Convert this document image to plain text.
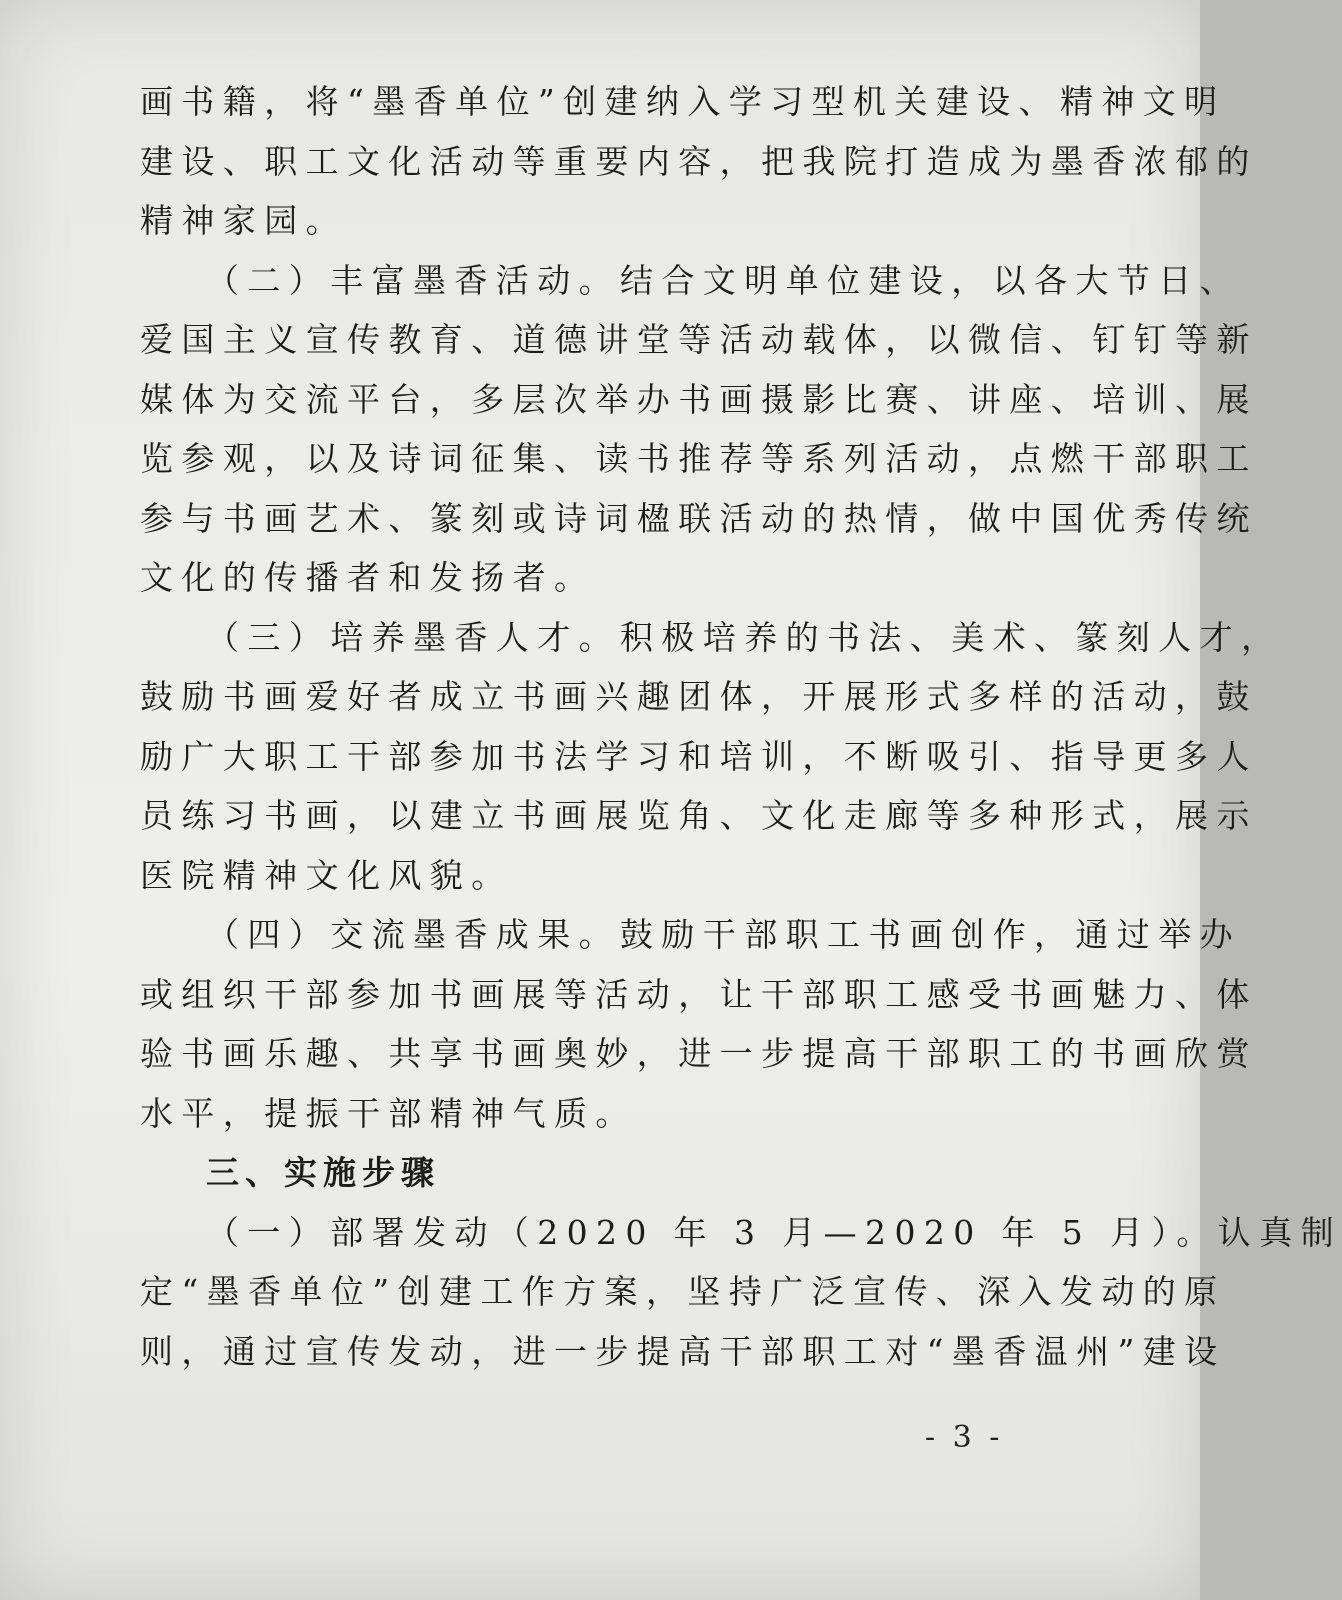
画书籍，将“墨香单位”创建纳入学习型机关建设、精神文明
建设、职工文化活动等重要内容，把我院打造成为墨香浓郁的
精神家园。
（二）丰富墨香活动。结合文明单位建设，以各大节日、
爱国主义宣传教育、道德讲堂等活动载体，以微信、钉钉等新
媒体为交流平台，多层次举办书画摄影比赛、讲座、培训、展
览参观，以及诗词征集、读书推荐等系列活动，点燃干部职工
参与书画艺术、篆刻或诗词楹联活动的热情，做中国优秀传统
文化的传播者和发扬者。
（三）培养墨香人才。积极培养的书法、美术、篆刻人才，
鼓励书画爱好者成立书画兴趣团体，开展形式多样的活动，鼓
励广大职工干部参加书法学习和培训，不断吸引、指导更多人
员练习书画，以建立书画展览角、文化走廊等多种形式，展示
医院精神文化风貌。
（四）交流墨香成果。鼓励干部职工书画创作，通过举办
或组织干部参加书画展等活动，让干部职工感受书画魅力、体
验书画乐趣、共享书画奥妙，进一步提高干部职工的书画欣赏
水平，提振干部精神气质。
三、实施步骤
（一）部署发动（2020 年 3 月—2020 年 5 月）。认真制
定“墨香单位”创建工作方案，坚持广泛宣传、深入发动的原
则，通过宣传发动，进一步提高干部职工对“墨香温州”建设
- 3 -
